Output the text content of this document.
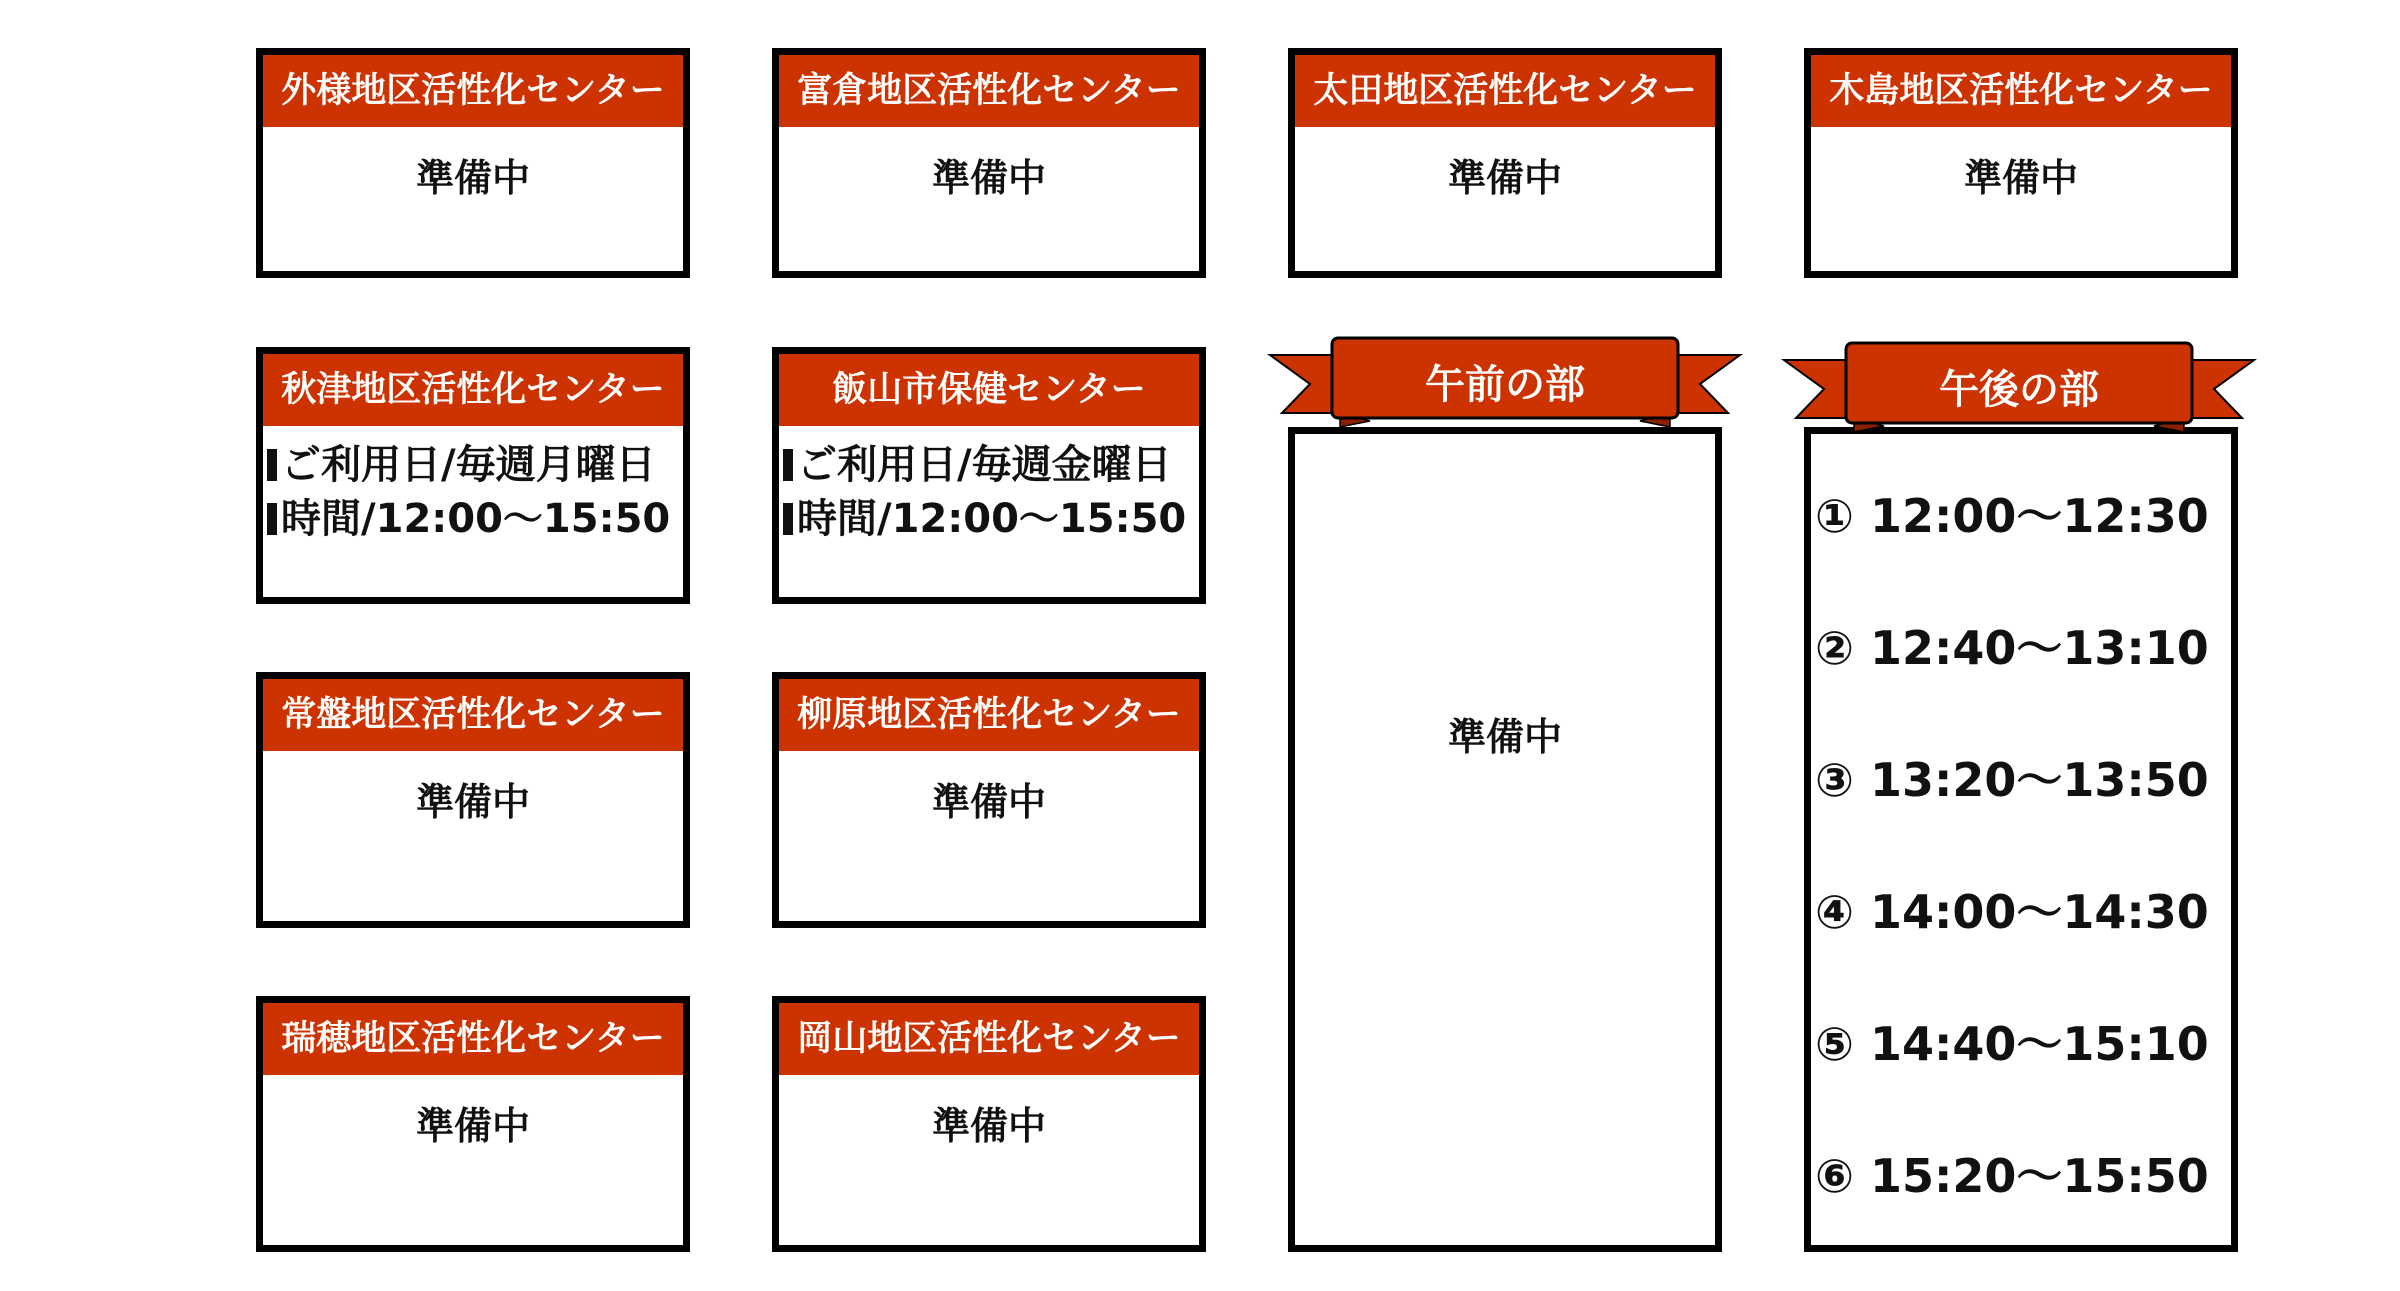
外様地区活性化センター
準備中
富倉地区活性化センター
準備中
太田地区活性化センター
準備中
木島地区活性化センター
準備中
秋津地区活性化センター
ご利用日/毎週月曜日
時間/12:00～15:50
飯山市保健センター
ご利用日/毎週金曜日
時間/12:00～15:50
常盤地区活性化センター
準備中
柳原地区活性化センター
準備中
瑞穂地区活性化センター
準備中
岡山地区活性化センター
準備中
準備中
午前の部
① 12:00～12:30
② 12:40～13:10
③ 13:20～13:50
④ 14:00～14:30
⑤ 14:40～15:10
⑥ 15:20～15:50
午後の部
